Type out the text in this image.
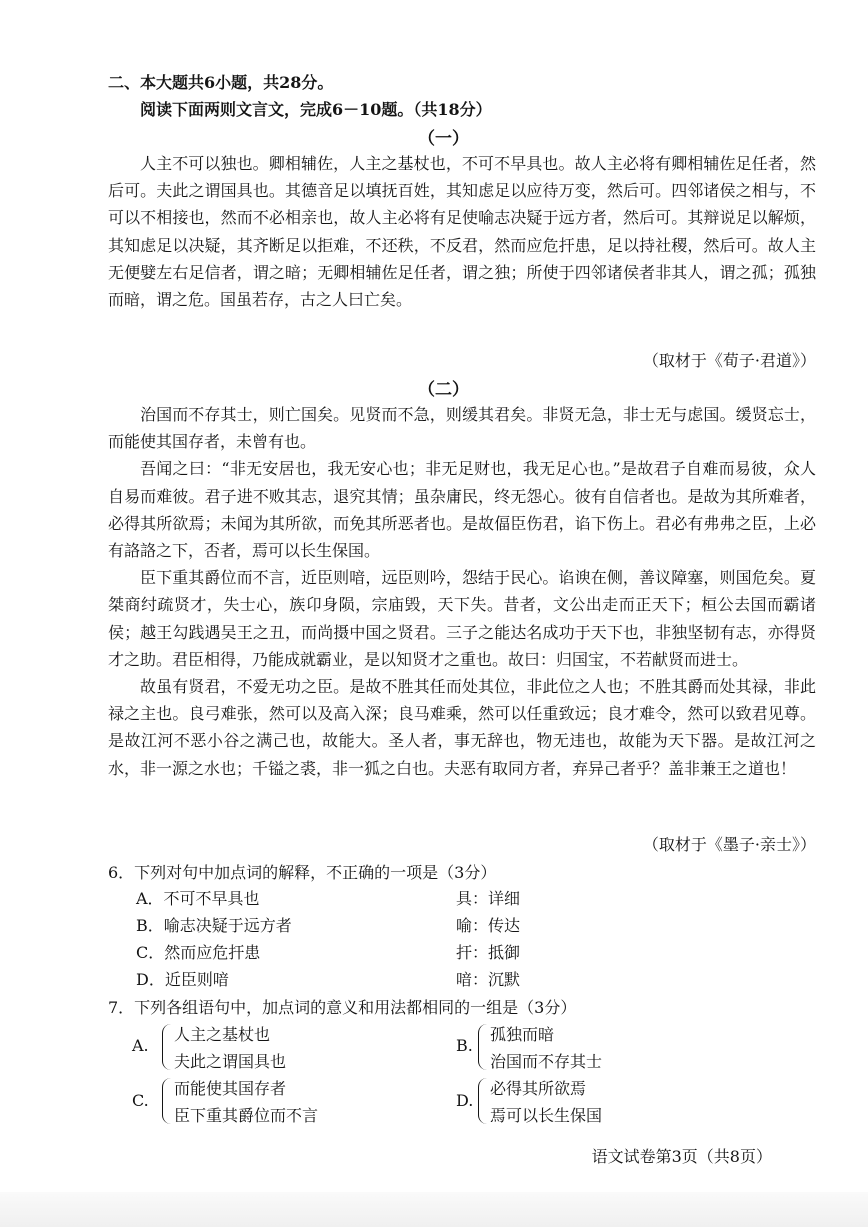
二、本大题共6小题，共28分。
阅读下面两则文言文，完成6－10题。（共18分）
（一）

人主不可以独也。卿相辅佐，人主之基杖也，不可不早具也。故人主必将有卿相辅佐足任者，然后可。夫此之谓国具也。其德音足以填抚百姓，其知虑足以应待万变，然后可。四邻诸侯之相与，不可以不相接也，然而不必相亲也，故人主必将有足使喻志决疑于远方者，然后可。其辩说足以解烦，其知虑足以决疑，其齐断足以拒难，不还秩，不反君，然而应危扞患，足以持社稷，然后可。故人主无便嬖左右足信者，谓之暗；无卿相辅佐足任者，谓之独；所使于四邻诸侯者非其人，谓之孤；孤独而暗，谓之危。国虽若存，古之人曰亡矣。

（取材于《荀子·君道》）
（二）

治国而不存其士，则亡国矣。见贤而不急，则缓其君矣。非贤无急，非士无与虑国。缓贤忘士，而能使其国存者，未曾有也。

吾闻之曰：“非无安居也，我无安心也；非无足财也，我无足心也。”是故君子自难而易彼，众人自易而难彼。君子进不败其志，退究其情；虽杂庸民，终无怨心。彼有自信者也。是故为其所难者，必得其所欲焉；未闻为其所欲，而免其所恶者也。是故偪臣伤君，谄下伤上。君必有弗弗之臣，上必有詻詻之下，否者，焉可以长生保国。

臣下重其爵位而不言，近臣则喑，远臣则吟，怨结于民心。谄谀在侧，善议障塞，则国危矣。夏桀商纣疏贤才，失士心，族卬身陨，宗庙毁，天下失。昔者，文公出走而正天下；桓公去国而霸诸侯；越王勾践遇吴王之丑，而尚摄中国之贤君。三子之能达名成功于天下也，非独坚韧有志，亦得贤才之助。君臣相得，乃能成就霸业，是以知贤才之重也。故曰：归国宝，不若献贤而进士。

故虽有贤君，不爱无功之臣。是故不胜其任而处其位，非此位之人也；不胜其爵而处其禄，非此禄之主也。良弓难张，然可以及高入深；良马难乘，然可以任重致远；良才难令，然可以致君见尊。是故江河不恶小谷之满己也，故能大。圣人者，事无辞也，物无违也，故能为天下器。是故江河之水，非一源之水也；千镒之裘，非一狐之白也。夫恶有取同方者，弃异己者乎？盖非兼王之道也！

（取材于《墨子·亲士》）
6．下列对句中加点词的解释，不正确的一项是（3分）
A．不可不早具也	具：详细
B．喻志决疑于远方者	喻：传达
C．然而应危扞患	扞：抵御
D．近臣则喑	喑：沉默
7．下列各组语句中，加点词的意义和用法都相同的一组是（3分）
A.
人主之基杖也
夫此之谓国具也
B.
孤独而暗
治国而不存其士
C.
而能使其国存者
臣下重其爵位而不言
D.
必得其所欲焉
焉可以长生保国
语文试卷第3页（共8页）
